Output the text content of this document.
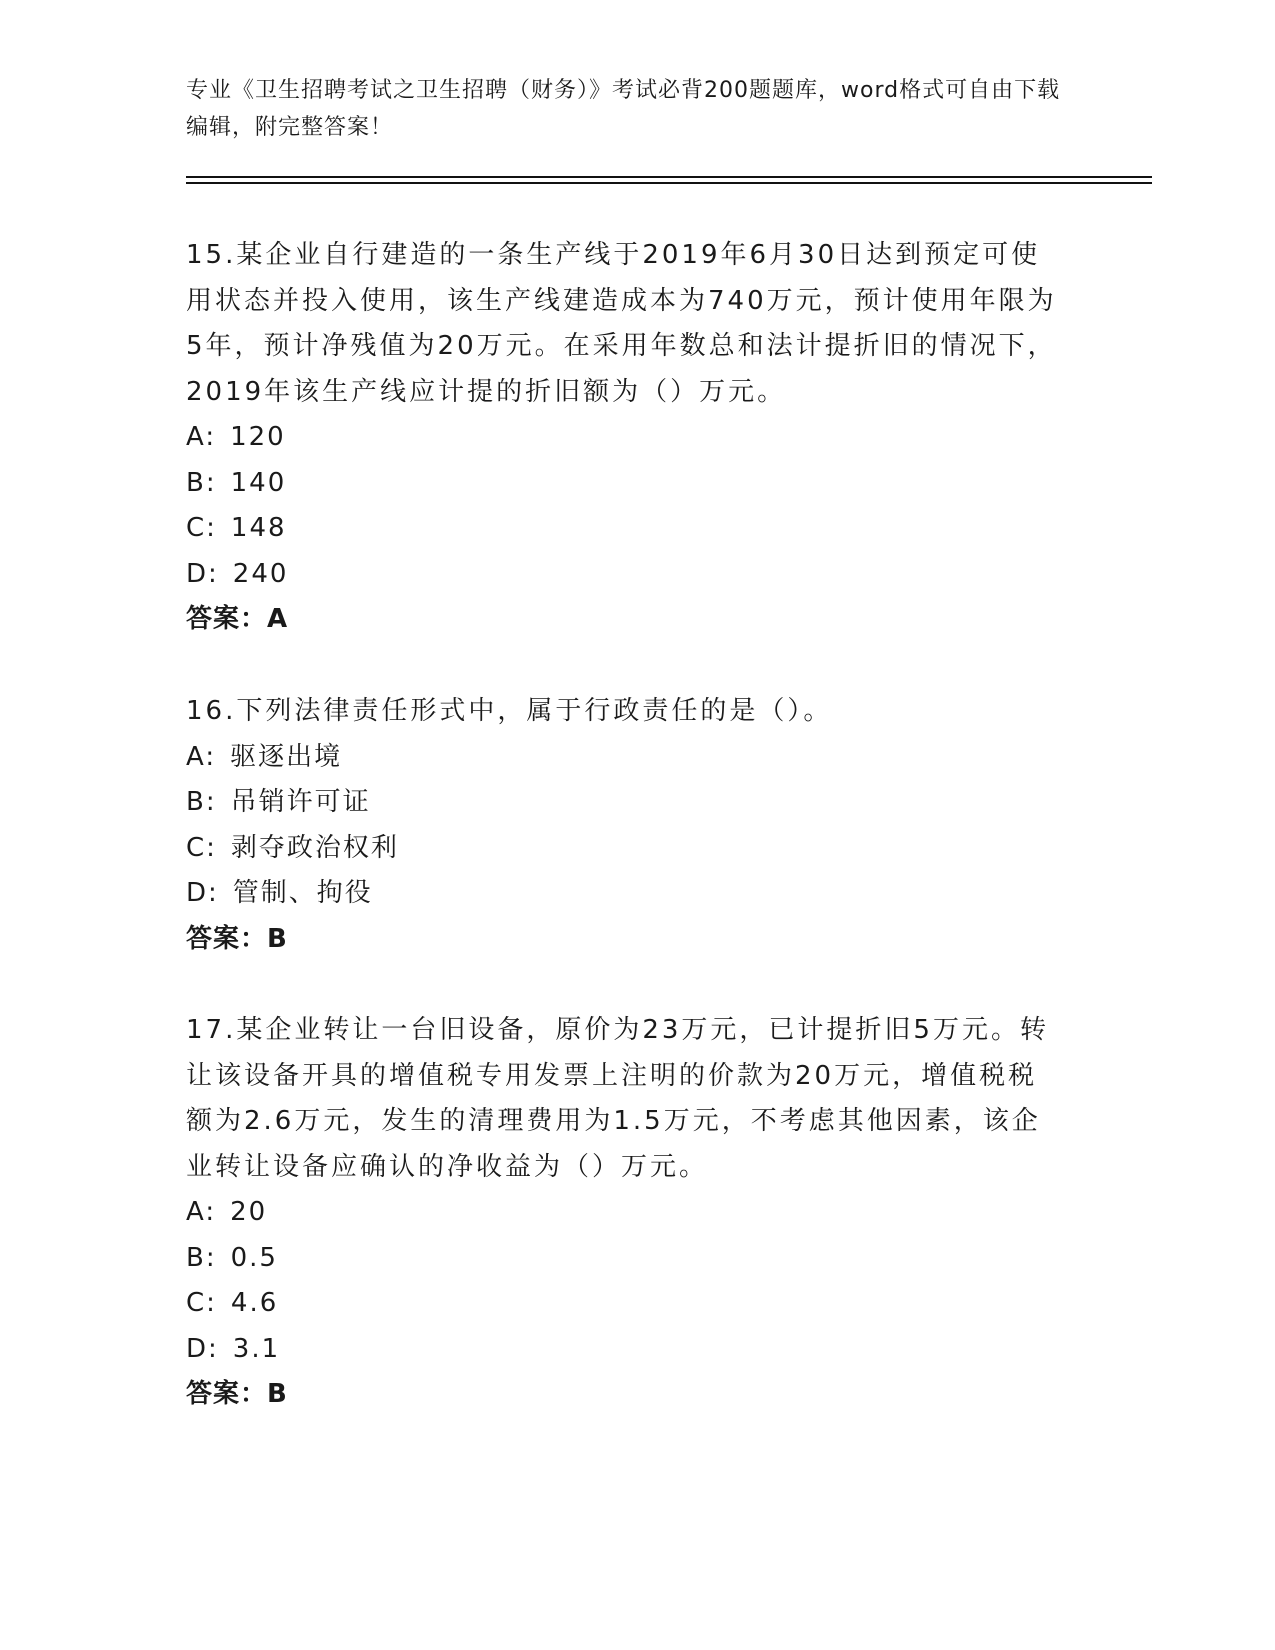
专业《卫生招聘考试之卫生招聘（财务）》考试必背200题题库，word格式可自由下载编辑，附完整答案！

15.某企业自行建造的一条生产线于2019年6月30日达到预定可使用状态并投入使用，该生产线建造成本为740万元，预计使用年限为5年，预计净残值为20万元。在采用年数总和法计提折旧的情况下，2019年该生产线应计提的折旧额为（）万元。

A: 120

B: 140

C: 148

D: 240

答案：A

16.下列法律责任形式中，属于行政责任的是（）。

A: 驱逐出境

B: 吊销许可证

C: 剥夺政治权利

D: 管制、拘役

答案：B

17.某企业转让一台旧设备，原价为23万元，已计提折旧5万元。转让该设备开具的增值税专用发票上注明的价款为20万元，增值税税额为2.6万元，发生的清理费用为1.5万元，不考虑其他因素，该企业转让设备应确认的净收益为（）万元。

A: 20

B: 0.5

C: 4.6

D: 3.1

答案：B
